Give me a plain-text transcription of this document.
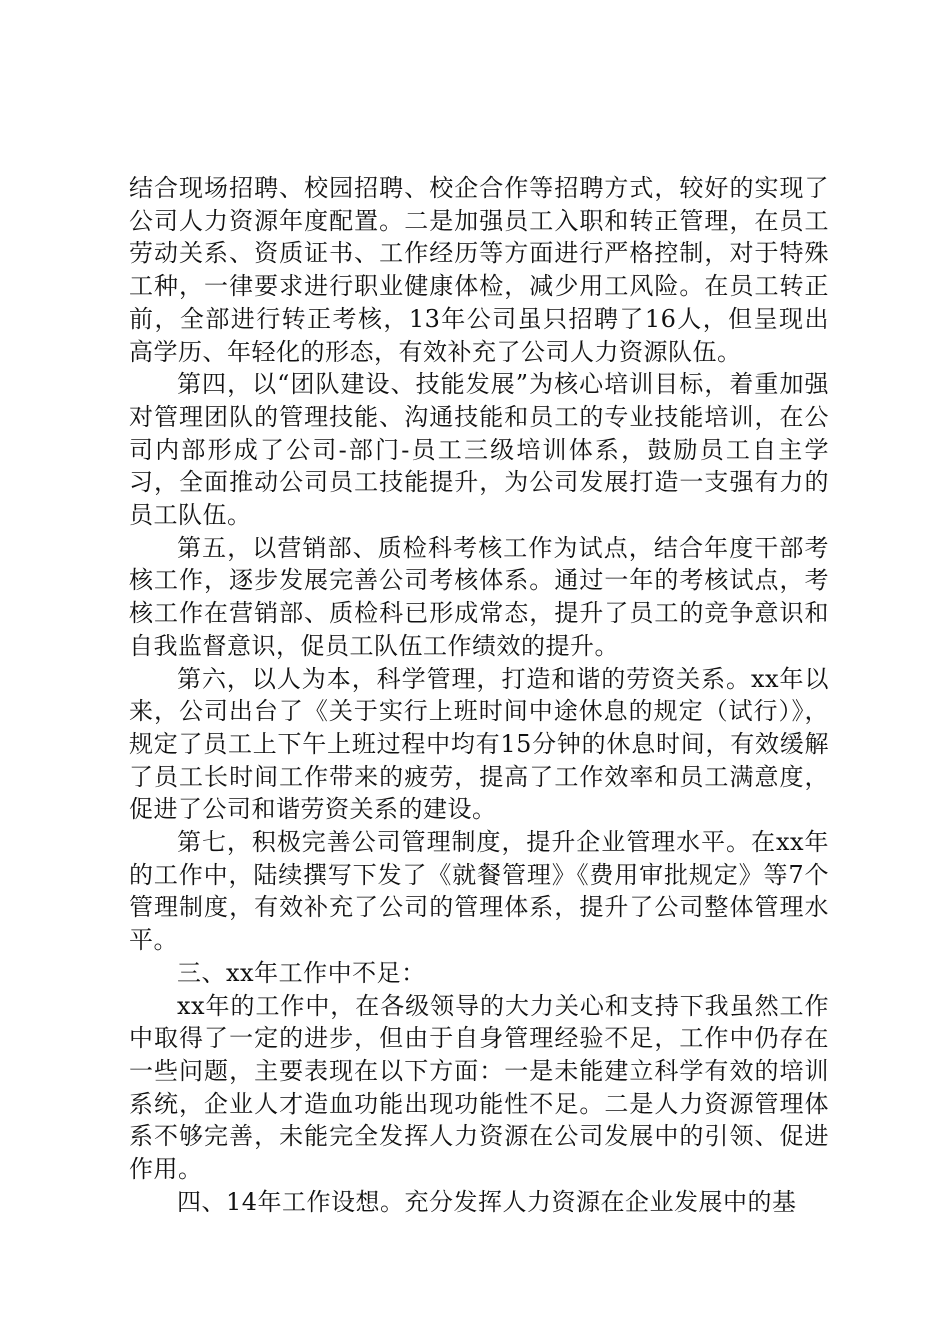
结合现场招聘、校园招聘、校企合作等招聘方式，较好的实现了公司人力资源年度配置。二是加强员工入职和转正管理，在员工劳动关系、资质证书、工作经历等方面进行严格控制，对于特殊工种，一律要求进行职业健康体检，减少用工风险。在员工转正前，全部进行转正考核，13年公司虽只招聘了16人，但呈现出高学历、年轻化的形态，有效补充了公司人力资源队伍。

第四，以“团队建设、技能发展”为核心培训目标，着重加强对管理团队的管理技能、沟通技能和员工的专业技能培训，在公司内部形成了公司-部门-员工三级培训体系，鼓励员工自主学习，全面推动公司员工技能提升，为公司发展打造一支强有力的员工队伍。

第五，以营销部、质检科考核工作为试点，结合年度干部考核工作，逐步发展完善公司考核体系。通过一年的考核试点，考核工作在营销部、质检科已形成常态，提升了员工的竞争意识和自我监督意识，促员工队伍工作绩效的提升。

第六，以人为本，科学管理，打造和谐的劳资关系。xx年以来，公司出台了《关于实行上班时间中途休息的规定（试行）》，规定了员工上下午上班过程中均有15分钟的休息时间，有效缓解了员工长时间工作带来的疲劳，提高了工作效率和员工满意度，促进了公司和谐劳资关系的建设。

第七，积极完善公司管理制度，提升企业管理水平。在xx年的工作中，陆续撰写下发了《就餐管理》《费用审批规定》等7个管理制度，有效补充了公司的管理体系，提升了公司整体管理水平。

三、xx年工作中不足：

xx年的工作中，在各级领导的大力关心和支持下我虽然工作中取得了一定的进步，但由于自身管理经验不足，工作中仍存在一些问题，主要表现在以下方面：一是未能建立科学有效的培训系统，企业人才造血功能出现功能性不足。二是人力资源管理体系不够完善，未能完全发挥人力资源在公司发展中的引领、促进作用。

四、14年工作设想。充分发挥人力资源在企业发展中的基
